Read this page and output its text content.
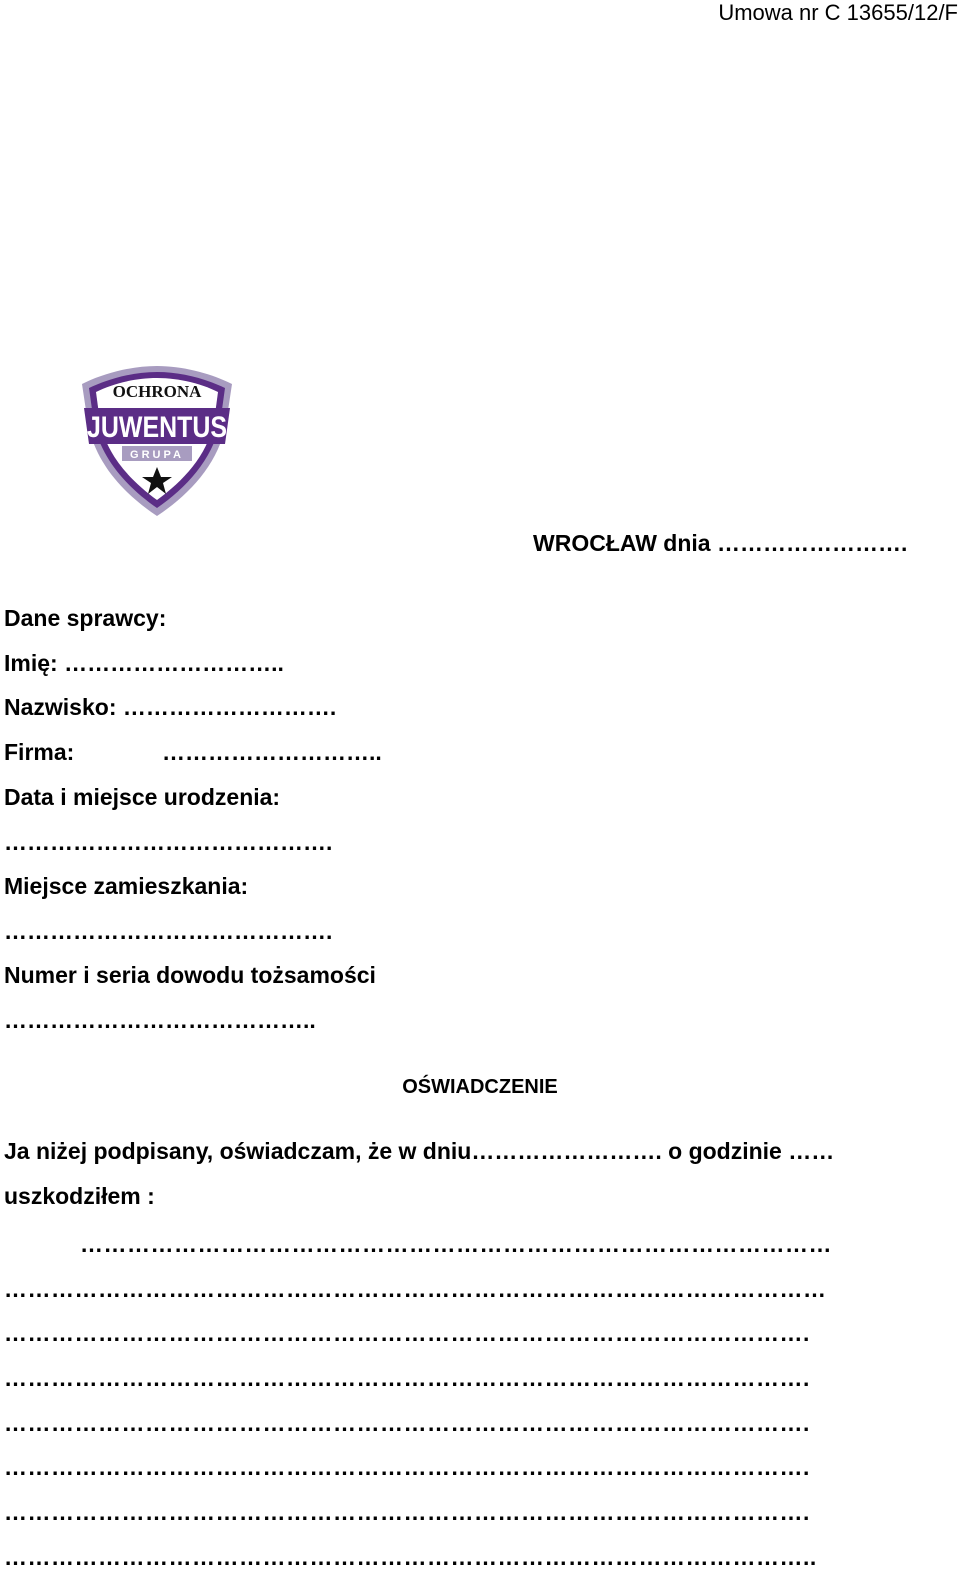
Umowa nr C 13655/12/F
OCHRONA
JUWENTUS
GRUPA
WROCŁAW dnia …………………….
Dane sprawcy:
Imię: ………………………..
Nazwisko: ……………………….
Firma:	………………………..
Data i miejsce urodzenia:
…………………………………….
Miejsce zamieszkania:
…………………………………….
Numer i seria dowodu tożsamości
…………………………………..
OŚWIADCZENIE
Ja niżej podpisany, oświadczam, że w dniu……………………. o godzinie ……
uszkodziłem :
……………………………………………………………………………………
……………………………………………………………………………………………
………………………………………………………………………………………….
………………………………………………………………………………………….
………………………………………………………………………………………….
………………………………………………………………………………………….
………………………………………………………………………………………….
…………………………………………………………………………………………..
